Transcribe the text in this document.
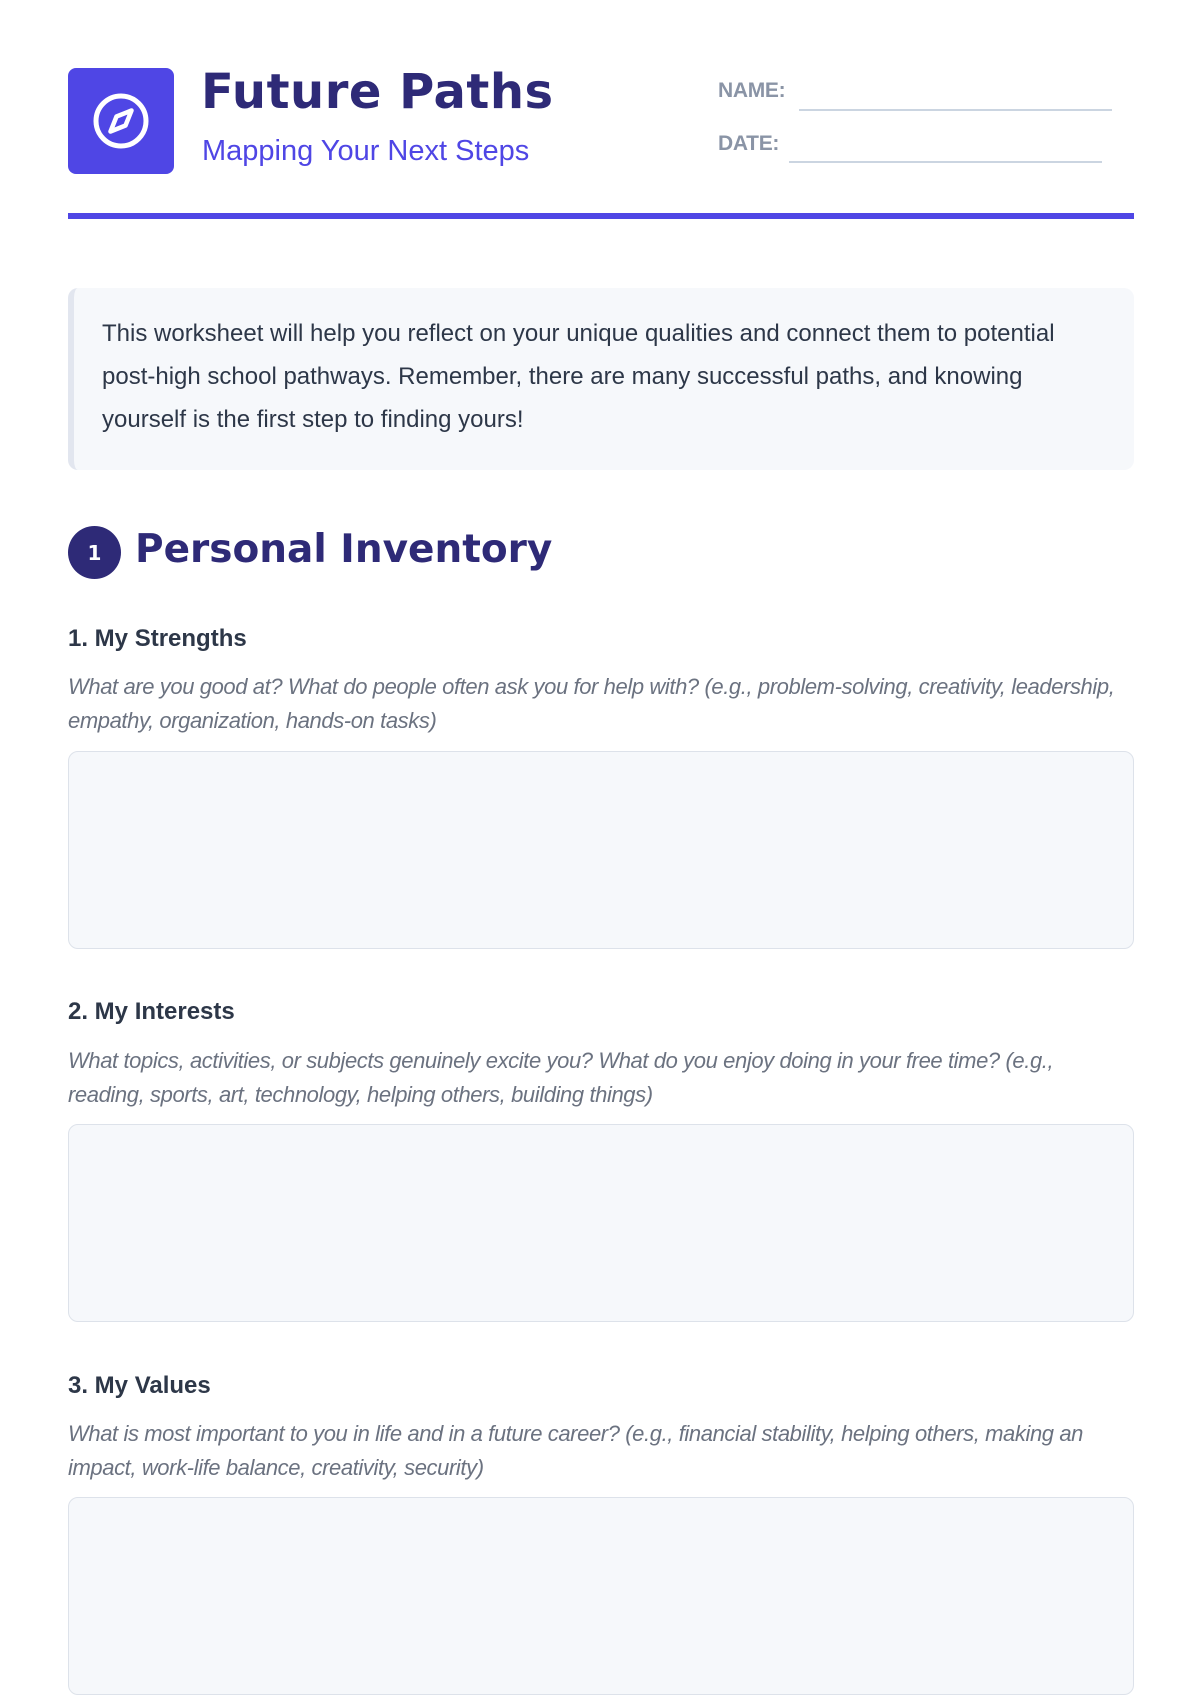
Future Paths

Mapping Your Next Steps

NAME:
DATE:
This worksheet will help you reflect on your unique qualities and connect them to potential post-high school pathways. Remember, there are many successful paths, and knowing yourself is the first step to finding yours!
1 Personal Inventory
1. My Strengths

What are you good at? What do people often ask you for help with? (e.g., problem-solving, creativity, leadership, empathy, organization, hands-on tasks)

2. My Interests

What topics, activities, or subjects genuinely excite you? What do you enjoy doing in your free time? (e.g., reading, sports, art, technology, helping others, building things)

3. My Values

What is most important to you in life and in a future career? (e.g., financial stability, helping others, making an impact, work-life balance, creativity, security)
